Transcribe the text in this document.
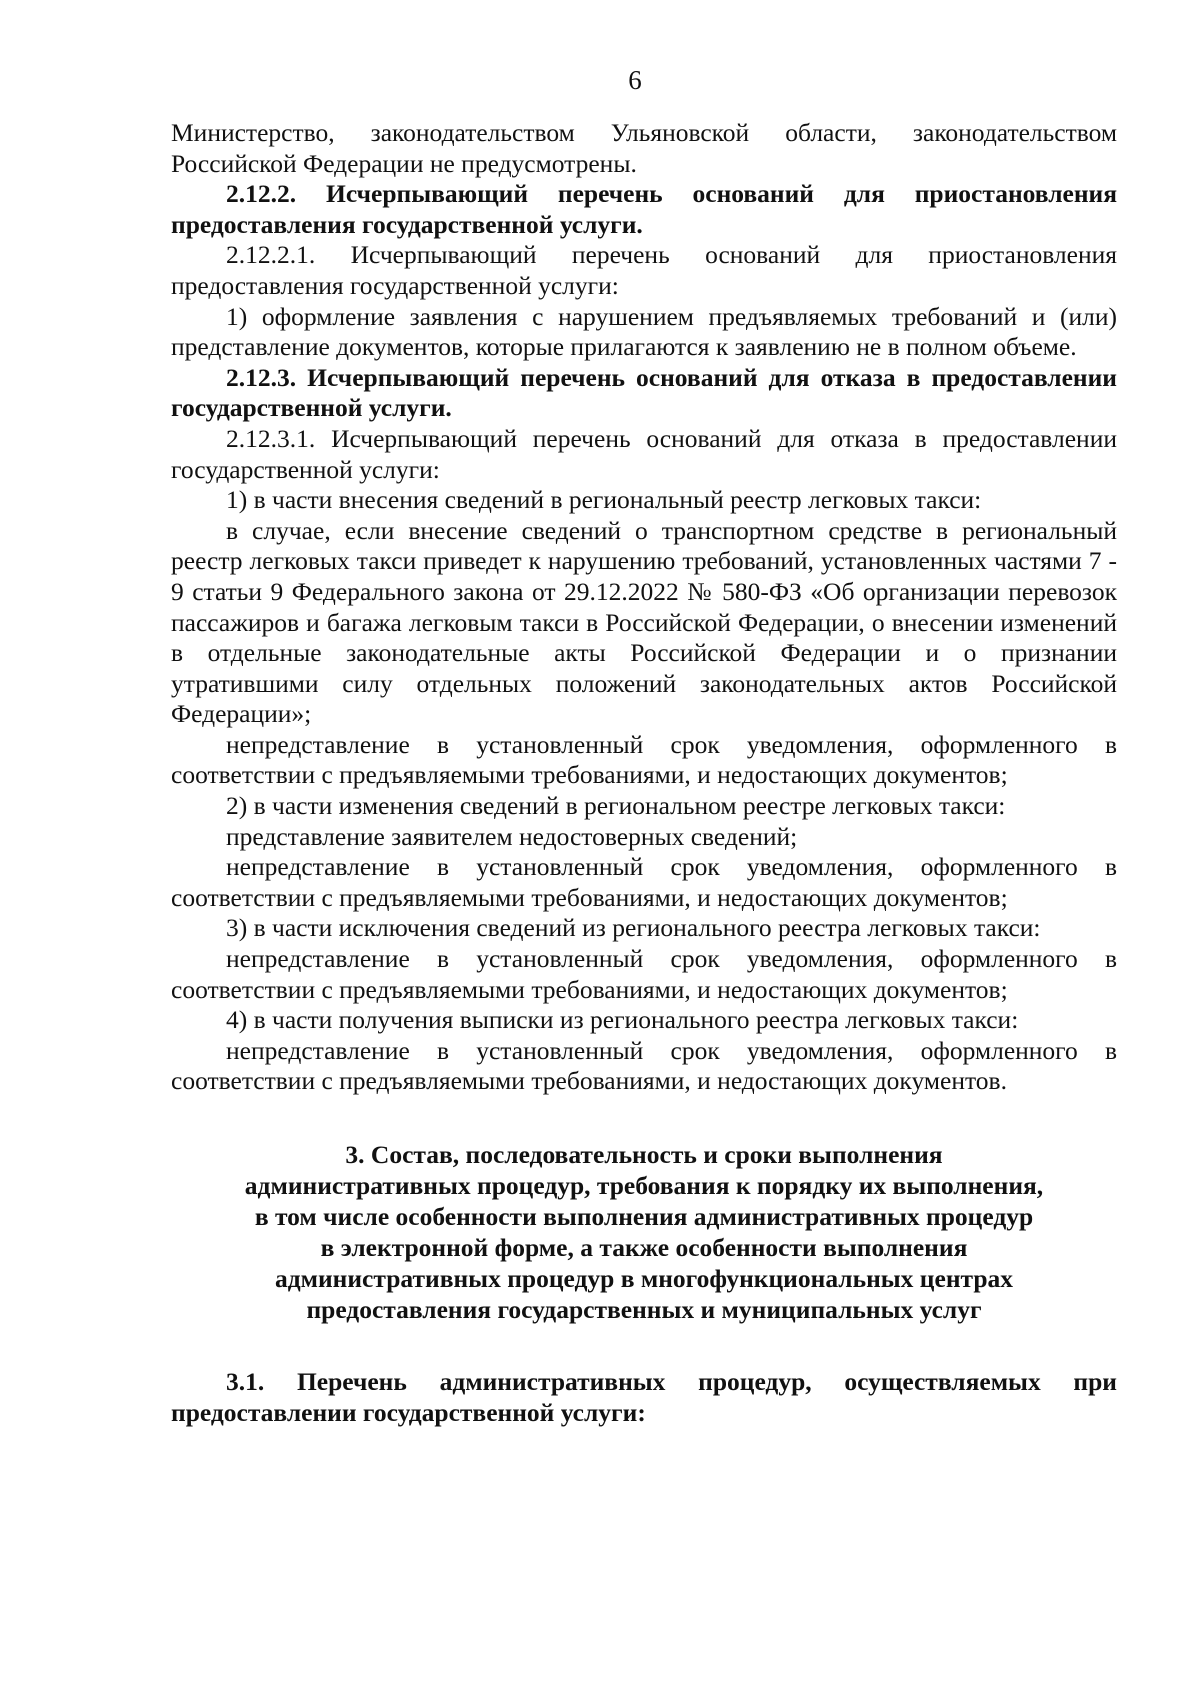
6

Министерство, законодательством Ульяновской области, законодательством Российской Федерации не предусмотрены.

2.12.2. Исчерпывающий перечень оснований для приостановления предоставления государственной услуги.

2.12.2.1. Исчерпывающий перечень оснований для приостановления предоставления государственной услуги:

1) оформление заявления с нарушением предъявляемых требований и (или) представление документов, которые прилагаются к заявлению не в полном объеме.

2.12.3. Исчерпывающий перечень оснований для отказа в предоставлении государственной услуги.

2.12.3.1. Исчерпывающий перечень оснований для отказа в предоставлении государственной услуги:

1) в части внесения сведений в региональный реестр легковых такси:

в случае, если внесение сведений о транспортном средстве в региональный реестр легковых такси приведет к нарушению требований, установленных частями 7 - 9 статьи 9 Федерального закона от 29.12.2022 № 580-ФЗ «Об организации перевозок пассажиров и багажа легковым такси в Российской Федерации, о внесении изменений в отдельные законодательные акты Российской Федерации и о признании утратившими силу отдельных положений законодательных актов Российской Федерации»;

непредставление в установленный срок уведомления, оформленного в соответствии с предъявляемыми требованиями, и недостающих документов;

2) в части изменения сведений в региональном реестре легковых такси:

представление заявителем недостоверных сведений;

непредставление в установленный срок уведомления, оформленного в соответствии с предъявляемыми требованиями, и недостающих документов;

3) в части исключения сведений из регионального реестра легковых такси:

непредставление в установленный срок уведомления, оформленного в соответствии с предъявляемыми требованиями, и недостающих документов;

4) в части получения выписки из регионального реестра легковых такси:

непредставление в установленный срок уведомления, оформленного в соответствии с предъявляемыми требованиями, и недостающих документов.

3. Состав, последовательность и сроки выполнения
административных процедур, требования к порядку их выполнения,
в том числе особенности выполнения административных процедур
в электронной форме, а также особенности выполнения
административных процедур в многофункциональных центрах
предоставления государственных и муниципальных услуг

3.1. Перечень административных процедур, осуществляемых при предоставлении государственной услуги:
